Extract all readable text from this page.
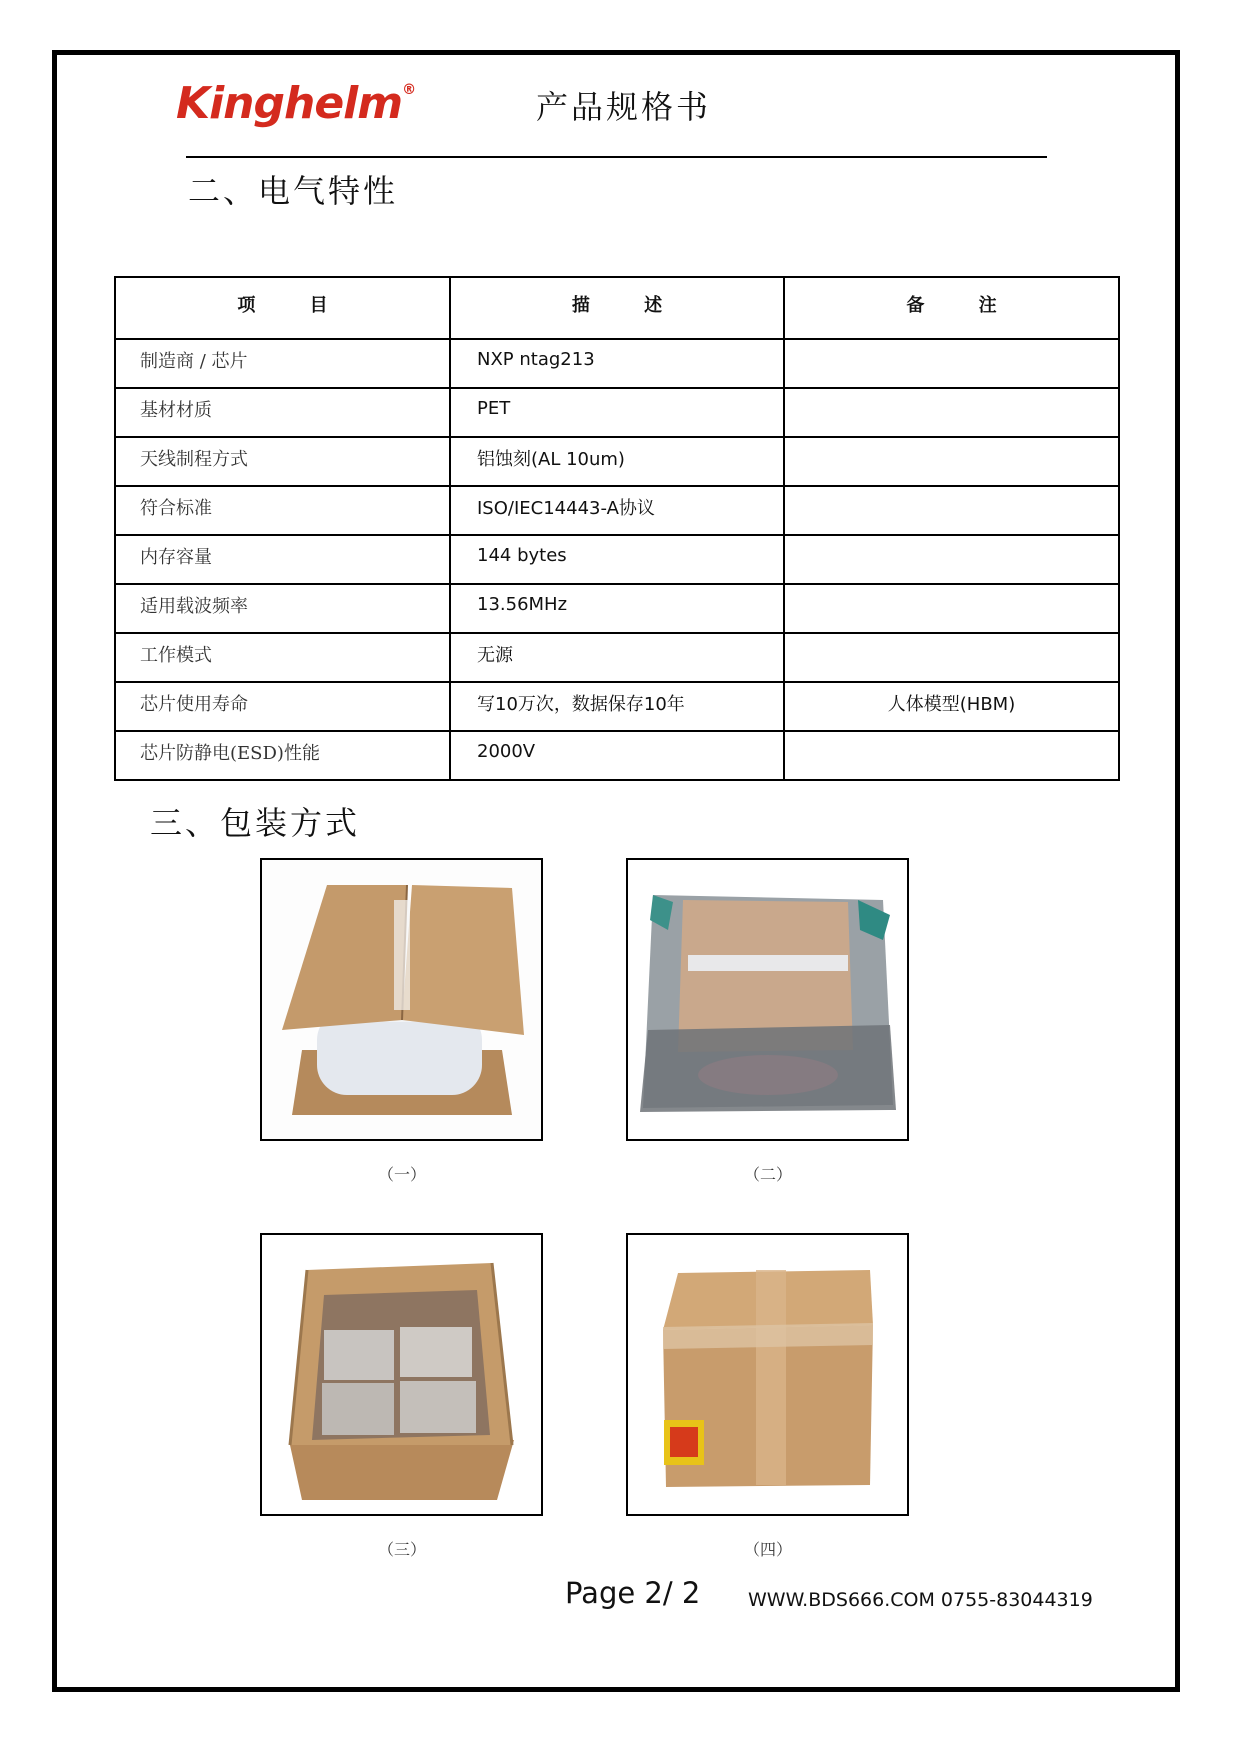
Kinghelm®	产品规格书
二、电气特性
项 目	描 述	备 注
制造商 / 芯片	NXP ntag213	
基材材质	PET	
天线制程方式	铝蚀刻(AL 10um)	
符合标准	ISO/IEC14443-A协议	
内存容量	144 bytes	
适用载波频率	13.56MHz	
工作模式	无源	
芯片使用寿命	写10万次，数据保存10年	人体模型(HBM)
芯片防静电(ESD)性能	2000V	
三、包装方式
（一）	（二）
（三）	（四）
Page 2/ 2	WWW.BDS666.COM 0755-83044319
